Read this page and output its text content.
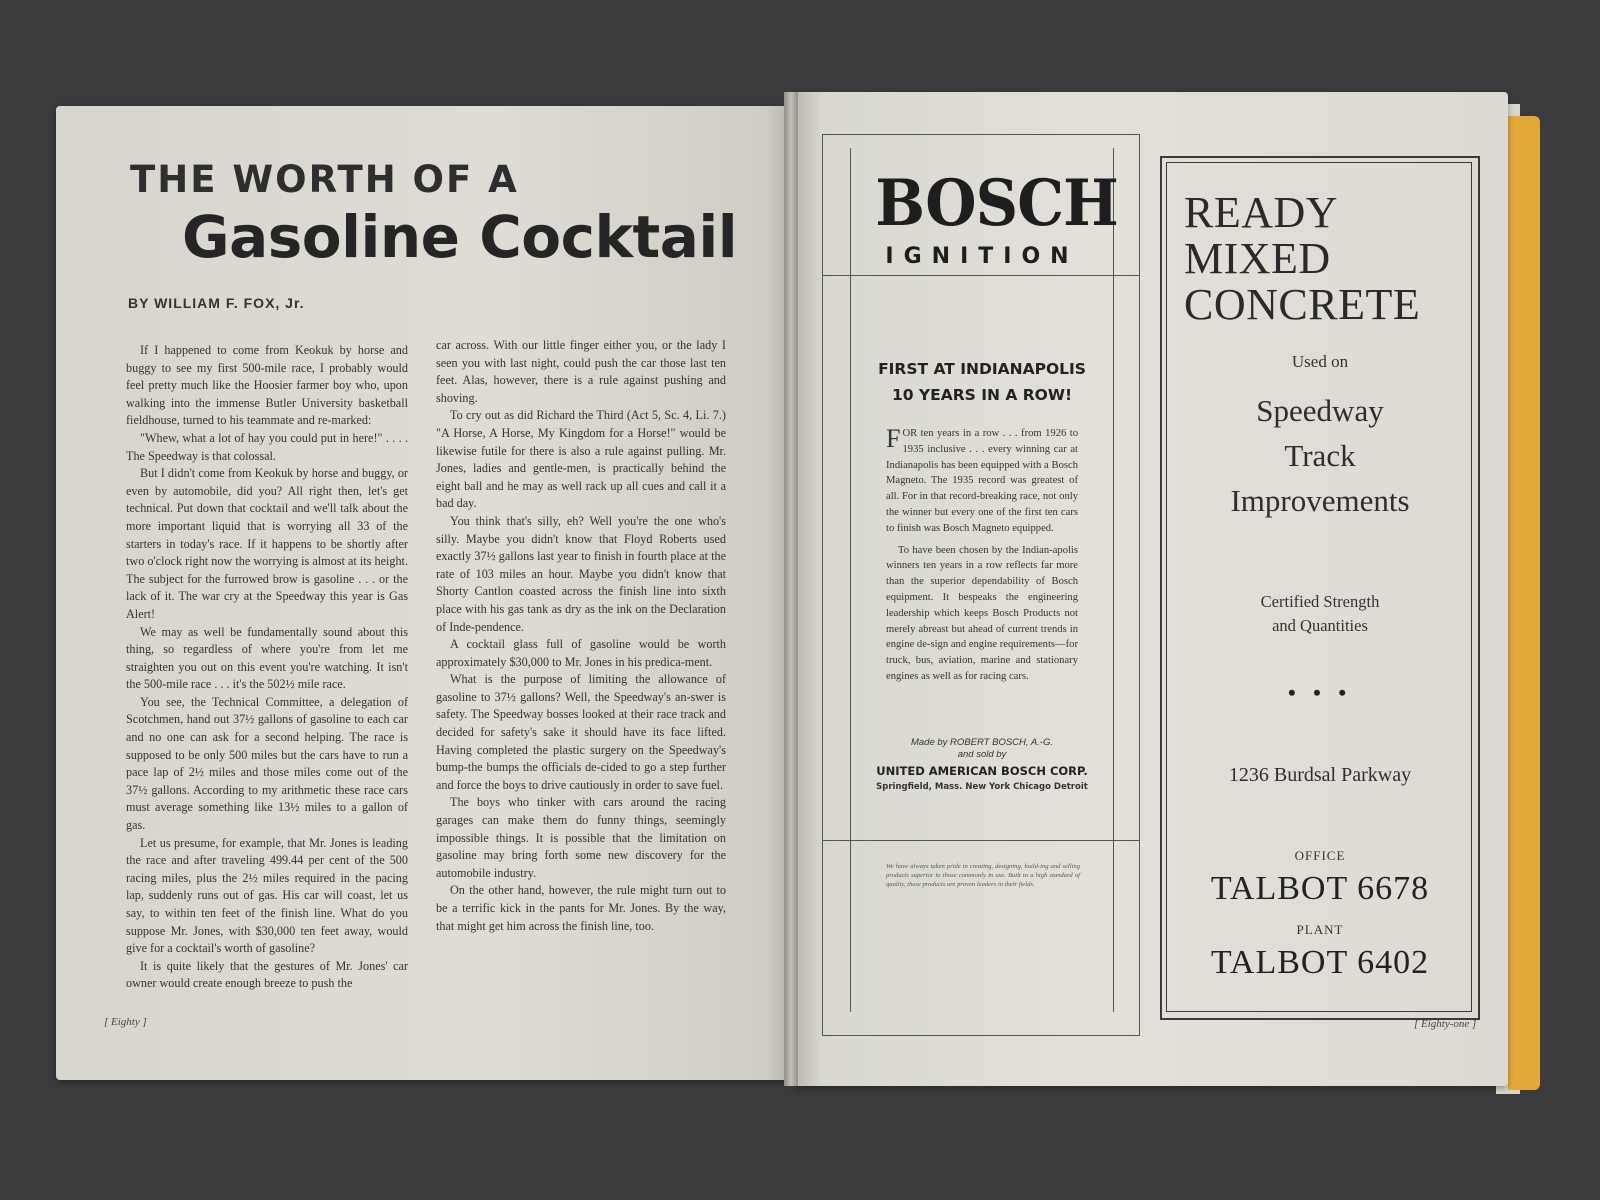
THE WORTH OF A
Gasoline Cocktail
BY WILLIAM F. FOX, Jr.

If I happened to come from Keokuk by horse and buggy to see my first 500-mile race, I probably would feel pretty much like the Hoosier farmer boy who, upon walking into the immense Butler University basketball fieldhouse, turned to his teammate and re-marked:

"Whew, what a lot of hay you could put in here!" . . . . The Speedway is that colossal.

But I didn't come from Keokuk by horse and buggy, or even by automobile, did you? All right then, let's get technical. Put down that cocktail and we'll talk about the more important liquid that is worrying all 33 of the starters in today's race. If it happens to be shortly after two o'clock right now the worrying is almost at its height. The subject for the furrowed brow is gasoline . . . or the lack of it. The war cry at the Speedway this year is Gas Alert!

We may as well be fundamentally sound about this thing, so regardless of where you're from let me straighten you out on this event you're watching. It isn't the 500-mile race . . . it's the 502½ mile race.

You see, the Technical Committee, a delegation of Scotchmen, hand out 37½ gallons of gasoline to each car and no one can ask for a second helping. The race is supposed to be only 500 miles but the cars have to run a pace lap of 2½ miles and those miles come out of the 37½ gallons. According to my arithmetic these race cars must average something like 13½ miles to a gallon of gas.

Let us presume, for example, that Mr. Jones is leading the race and after traveling 499.44 per cent of the 500 racing miles, plus the 2½ miles required in the pacing lap, suddenly runs out of gas. His car will coast, let us say, to within ten feet of the finish line. What do you suppose Mr. Jones, with $30,000 ten feet away, would give for a cocktail's worth of gasoline?

It is quite likely that the gestures of Mr. Jones' car owner would create enough breeze to push the

car across. With our little finger either you, or the lady I seen you with last night, could push the car those last ten feet. Alas, however, there is a rule against pushing and shoving.

To cry out as did Richard the Third (Act 5, Sc. 4, Li. 7.) "A Horse, A Horse, My Kingdom for a Horse!" would be likewise futile for there is also a rule against pulling. Mr. Jones, ladies and gentle-men, is practically behind the eight ball and he may as well rack up all cues and call it a bad day.

You think that's silly, eh? Well you're the one who's silly. Maybe you didn't know that Floyd Roberts used exactly 37½ gallons last year to finish in fourth place at the rate of 103 miles an hour. Maybe you didn't know that Shorty Cantlon coasted across the finish line into sixth place with his gas tank as dry as the ink on the Declaration of Inde-pendence.

A cocktail glass full of gasoline would be worth approximately $30,000 to Mr. Jones in his predica-ment.

What is the purpose of limiting the allowance of gasoline to 37½ gallons? Well, the Speedway's an-swer is safety. The Speedway bosses looked at their race track and decided for safety's sake it should have its face lifted. Having completed the plastic surgery on the Speedway's bump-the bumps the officials de-cided to go a step further and force the boys to drive cautiously in order to save fuel.

The boys who tinker with cars around the racing garages can make them do funny things, seemingly impossible things. It is possible that the limitation on gasoline may bring forth some new discovery for the automobile industry.

On the other hand, however, the rule might turn out to be a terrific kick in the pants for Mr. Jones. By the way, that might get him across the finish line, too.

[ Eighty ]
BOSCH
IGNITION
FIRST AT INDIANAPOLIS
10 YEARS IN A ROW!

FOR ten years in a row . . . from 1926 to 1935 inclusive . . . every winning car at Indianapolis has been equipped with a Bosch Magneto. The 1935 record was greatest of all. For in that record-breaking race, not only the winner but every one of the first ten cars to finish was Bosch Magneto equipped.

To have been chosen by the Indian-apolis winners ten years in a row reflects far more than the superior dependability of Bosch equipment. It bespeaks the engineering leadership which keeps Bosch Products not merely abreast but ahead of current trends in engine de-sign and engine requirements—for truck, bus, aviation, marine and stationary engines as well as for racing cars.

Made by ROBERT BOSCH, A.-G.
and sold by
UNITED AMERICAN BOSCH CORP.
Springfield, Mass. New York Chicago Detroit
We have always taken pride in creating, designing, build-ing and selling products superior to those commonly in use. Built to a high standard of quality, these products are proven leaders in their fields.
READY
MIXED
CONCRETE
Used on
Speedway
Track
Improvements
Certified Strength
and Quantities
• • •
1236 Burdsal Parkway
OFFICE
TALBOT 6678
PLANT
TALBOT 6402
[ Eighty-one ]
